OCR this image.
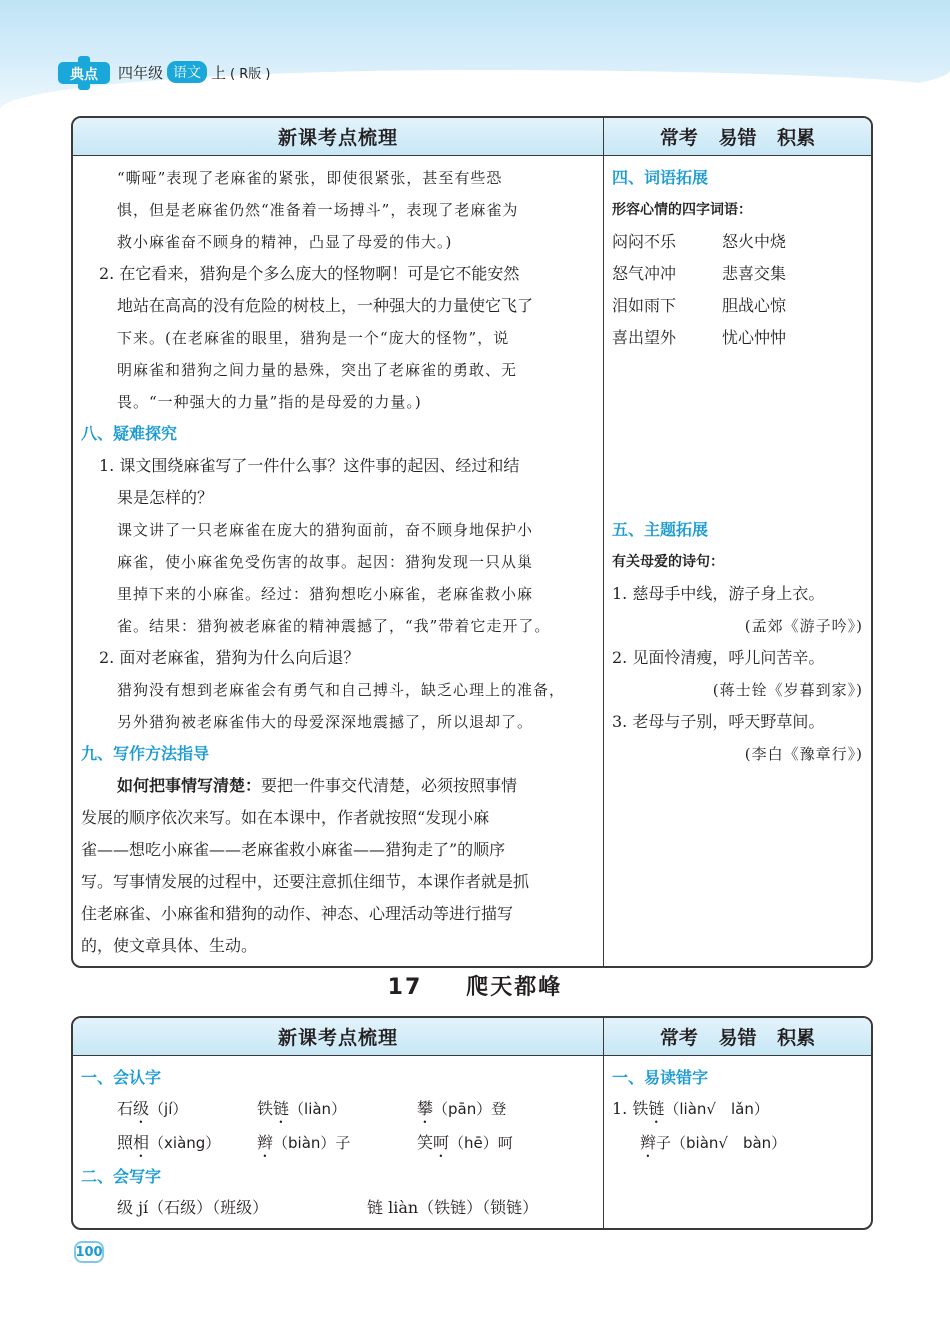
典点 四年级 语文 上 ( R版 )
新课考点梳理	常考 易错 积累
“嘶哑”表现了老麻雀的紧张，即使很紧张，甚至有些恐
惧，但是老麻雀仍然“准备着一场搏斗”，表现了老麻雀为
救小麻雀奋不顾身的精神，凸显了母爱的伟大。)
2. 在它看来，猎狗是个多么庞大的怪物啊！可是它不能安然
地站在高高的没有危险的树枝上，一种强大的力量使它飞了
下来。(在老麻雀的眼里，猎狗是一个“庞大的怪物”，说
明麻雀和猎狗之间力量的悬殊，突出了老麻雀的勇敢、无
畏。“一种强大的力量”指的是母爱的力量。)
八、疑难探究
1. 课文围绕麻雀写了一件什么事？这件事的起因、经过和结
果是怎样的？
课文讲了一只老麻雀在庞大的猎狗面前，奋不顾身地保护小
麻雀，使小麻雀免受伤害的故事。起因：猎狗发现一只从巢
里掉下来的小麻雀。经过：猎狗想吃小麻雀，老麻雀救小麻
雀。结果：猎狗被老麻雀的精神震撼了，“我”带着它走开了。
2. 面对老麻雀，猎狗为什么向后退？
猎狗没有想到老麻雀会有勇气和自己搏斗，缺乏心理上的准备，
另外猎狗被老麻雀伟大的母爱深深地震撼了，所以退却了。
九、写作方法指导
如何把事情写清楚：要把一件事交代清楚，必须按照事情
发展的顺序依次来写。如在本课中，作者就按照“发现小麻
雀——想吃小麻雀——老麻雀救小麻雀——猎狗走了”的顺序
写。写事情发展的过程中，还要注意抓住细节，本课作者就是抓
住老麻雀、小麻雀和猎狗的动作、神态、心理活动等进行描写
的，使文章具体、生动。
四、词语拓展
形容心情的四字词语：
闷闷不乐	怒火中烧
怒气冲冲	悲喜交集
泪如雨下	胆战心惊
喜出望外	忧心忡忡
五、主题拓展
有关母爱的诗句：
1. 慈母手中线，游子身上衣。
(孟郊《游子吟》)
2. 见面怜清瘦，呼儿问苦辛。
(蒋士铨《岁暮到家》)
3. 老母与子别，呼天野草间。
(李白《豫章行》)
17 爬天都峰
新课考点梳理	常考 易错 积累
一、会认字
石级（jí）	铁链（liàn）	攀（pān）登
照相（xiàng）	辫（biàn）子	笑呵（hē）呵
二、会写字
级 jí（石级）（班级）	链 liàn（铁链）（锁链）
一、易读错字
1. 铁链（liàn√　lǎn）
辫子（biàn√　bàn）
100
